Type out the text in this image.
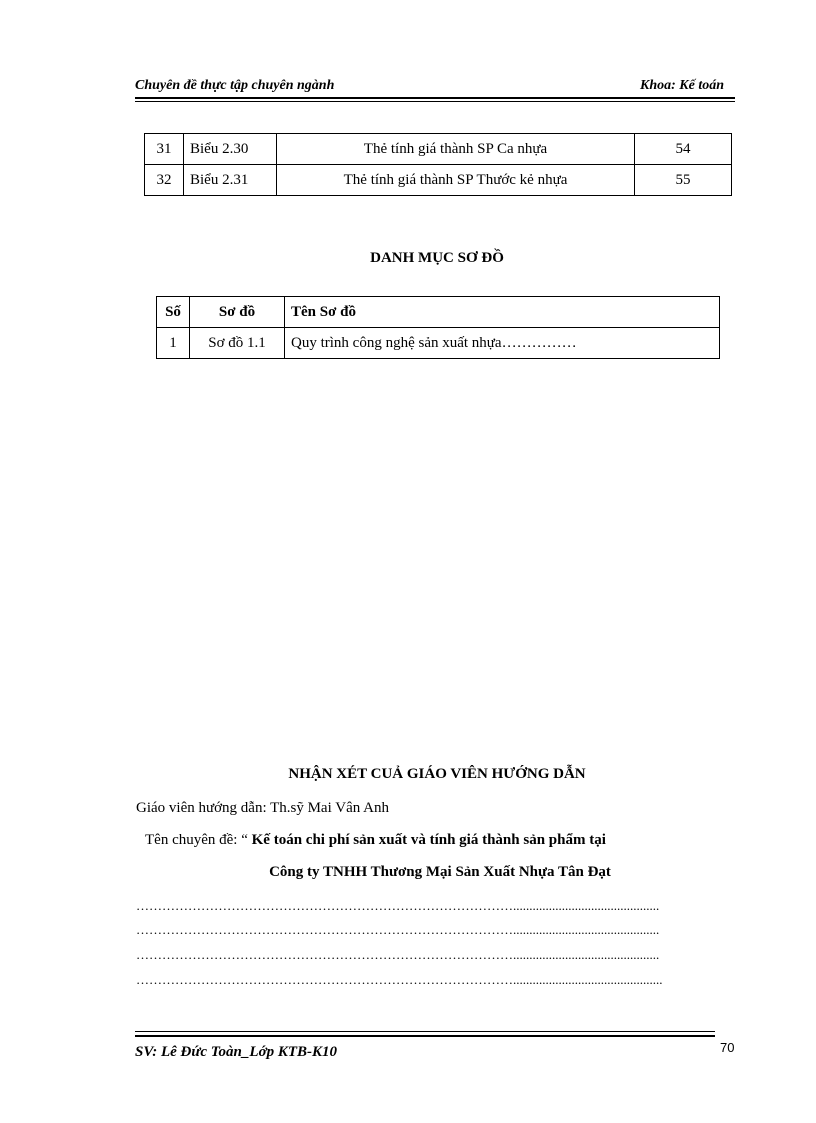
Chuyên đề thực tập chuyên ngành	Khoa: Kế toán
31	Biểu 2.30	Thẻ tính giá thành SP Ca nhựa	54
32	Biểu 2.31	Thẻ tính giá thành SP Thước kẻ nhựa	55
DANH MỤC SƠ ĐỒ
Số	Sơ đồ	Tên Sơ đồ
1	Sơ đồ 1.1	Quy trình công nghệ sản xuất nhựa……………
NHẬN XÉT CUẢ GIÁO VIÊN HƯỚNG DẪN
Giáo viên hướng dẫn: Th.sỹ Mai Vân Anh
Tên chuyên đề: “ Kế toán chi phí sản xuất và tính giá thành sản phẩm tại
Công ty TNHH Thương Mại Sản Xuất Nhựa Tân Đạt
…………………………………………………………………………….............................................
…………………………………………………………………………….............................................
…………………………………………………………………………….............................................
……………………………………………………………………………..............................................
SV: Lê Đức Toàn_Lớp KTB-K10	70
